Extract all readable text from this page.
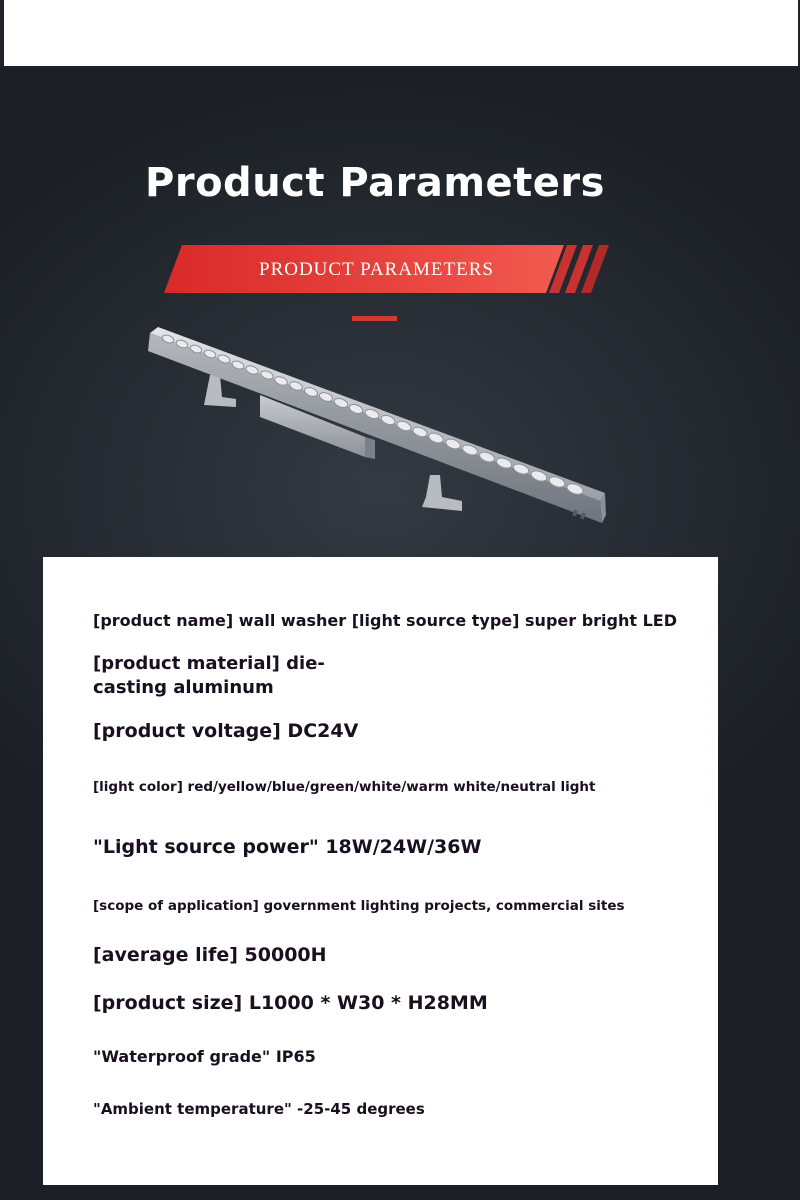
Product Parameters
PRODUCT PARAMETERS

[product name] wall washer [light source type] super bright LED

[product material] die-casting aluminum

[product voltage] DC24V

[light color] red/yellow/blue/green/white/warm white/neutral light

"Light source power" 18W/24W/36W

[scope of application] government lighting projects, commercial sites

[average life] 50000H

[product size] L1000 * W30 * H28MM

"Waterproof grade" IP65

"Ambient temperature" -25-45 degrees
